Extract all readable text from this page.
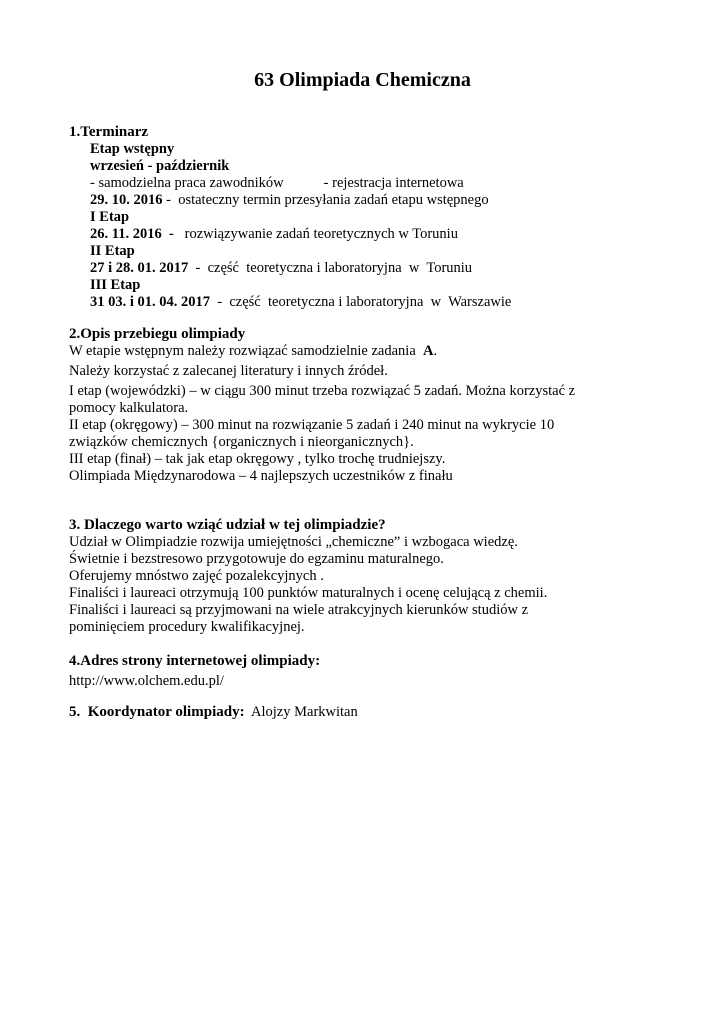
63 Olimpiada Chemiczna
1.Terminarz
Etap wstępny
wrzesień - październik
- samodzielna praca zawodników	- rejestracja internetowa
29. 10. 2016 -  ostateczny termin przesyłania zadań etapu wstępnego
I Etap
26. 11. 2016  -   rozwiązywanie zadań teoretycznych w Toruniu
II Etap
27 i 28. 01. 2017  -  część  teoretyczna i laboratoryjna  w  Toruniu
III Etap
31 03. i 01. 04. 2017  -  część  teoretyczna i laboratoryjna  w  Warszawie
2.Opis przebiegu olimpiady
W etapie wstępnym należy rozwiązać samodzielnie zadania  A.
Należy korzystać z zalecanej literatury i innych źródeł.
I etap (wojewódzki) – w ciągu 300 minut trzeba rozwiązać 5 zadań. Można korzystać z
pomocy kalkulatora.
II etap (okręgowy) – 300 minut na rozwiązanie 5 zadań i 240 minut na wykrycie 10
związków chemicznych {organicznych i nieorganicznych}.
III etap (finał) – tak jak etap okręgowy , tylko trochę trudniejszy.
Olimpiada Międzynarodowa – 4 najlepszych uczestników z finału
3. Dlaczego warto wziąć udział w tej olimpiadzie?
Udział w Olimpiadzie rozwija umiejętności „chemiczne” i wzbogaca wiedzę.
Świetnie i bezstresowo przygotowuje do egzaminu maturalnego.
Oferujemy mnóstwo zajęć pozalekcyjnych .
Finaliści i laureaci otrzymują 100 punktów maturalnych i ocenę celującą z chemii.
Finaliści i laureaci są przyjmowani na wiele atrakcyjnych kierunków studiów z
pominięciem procedury kwalifikacyjnej.
4.Adres strony internetowej olimpiady:
http://www.olchem.edu.pl/
5.  Koordynator olimpiady:  Alojzy Markwitan
